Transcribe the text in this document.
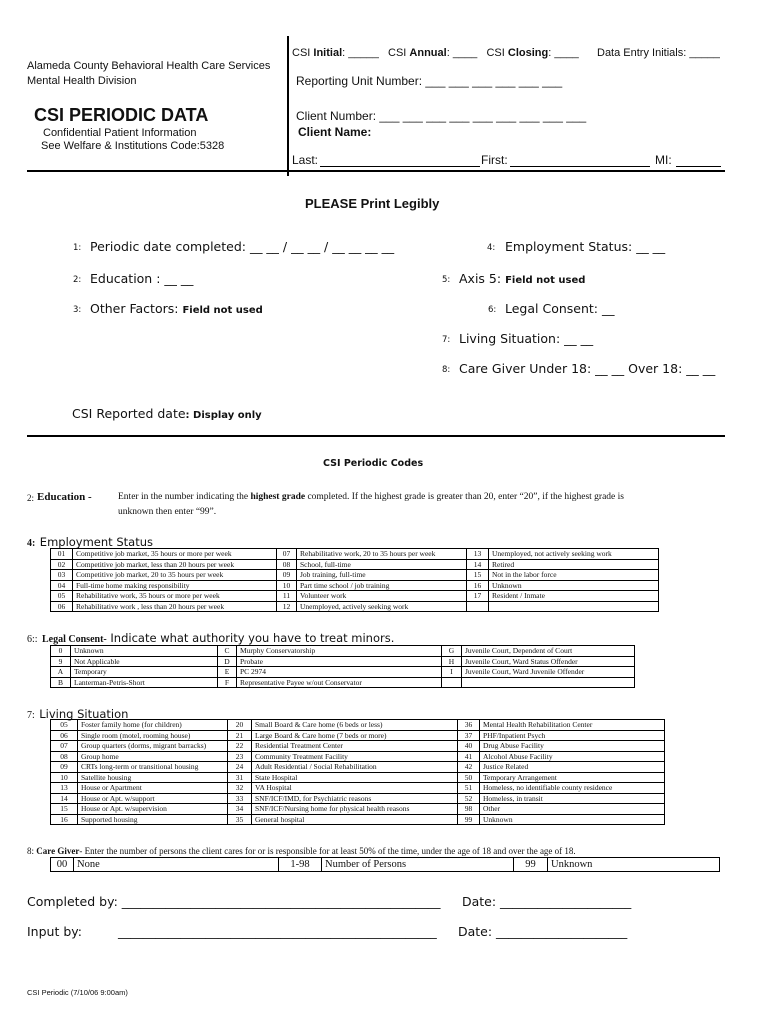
Alameda County Behavioral Health Care Services
Mental Health Division
CSI PERIODIC DATA
Confidential Patient Information
See Welfare & Institutions Code:5328
CSI Initial: _____ CSI Annual: ____ CSI Closing: ____ Data Entry Initials: _____
Reporting Unit Number: ___ ___ ___ ___ ___ ___
Client Number: ___ ___ ___ ___ ___ ___ ___ ___ ___
Client Name:
Last:	First:	MI:
PLEASE Print Legibly
1: Periodic date completed: __ __ / __ __ / __ __ __ __	4: Employment Status: __ __
2: Education : __ __	5: Axis 5: Field not used
3: Other Factors: Field not used	6: Legal Consent: __
7: Living Situation: __ __
8: Care Giver Under 18: __ __ Over 18: __ __
CSI Reported date: Display only
CSI Periodic Codes
2: Education -	Enter in the number indicating the highest grade completed. If the highest grade is greater than 20, enter “20”, if the highest grade is
unknown then enter “99”.
4: Employment Status
01	Competitive job market, 35 hours or more per week	07	Rehabilitative work, 20 to 35 hours per week	13	Unemployed, not actively seeking work
02	Competitive job market, less than 20 hours per week	08	School, full-time	14	Retired
03	Competitive job market, 20 to 35 hours per week	09	Job training, full-time	15	Not in the labor force
04	Full-time home making responsibility	10	Part time school / job training	16	Unknown
05	Rehabilitative work, 35 hours or more per week	11	Volunteer work	17	Resident / Inmate
06	Rehabilitative work , less than 20 hours per week	12	Unemployed, actively seeking work		
6:: Legal Consent- Indicate what authority you have to treat minors.
0	Unknown	C	Murphy Conservatorship	G	Juvenile Court, Dependent of Court
9	Not Applicable	D	Probate	H	Juvenile Court, Ward Status Offender
A	Temporary	E	PC 2974	I	Juvenile Court, Ward Juvenile Offender
B	Lanterman-Petris-Short	F	Representative Payee w/out Conservator		
7: Living Situation
05	Foster family home (for children)	20	Small Board & Care home (6 beds or less)	36	Mental Health Rehabilitation Center
06	Single room (motel, rooming house)	21	Large Board & Care home (7 beds or more)	37	PHF/Inpatient Psych
07	Group quarters (dorms, migrant barracks)	22	Residential Treatment Center	40	Drug Abuse Facility
08	Group home	23	Community Treatment Facility	41	Alcohol Abuse Facility
09	CRTs long-term or transitional housing	24	Adult Residential / Social Rehabilitation	42	Justice Related
10	Satellite housing	31	State Hospital	50	Temporary Arrangement
13	House or Apartment	32	VA Hospital	51	Homeless, no identifiable county residence
14	House or Apt. w/support	33	SNF/ICF/IMD, for Psychiatric reasons	52	Homeless, in transit
15	House or Apt. w/supervision	34	SNF/ICF/Nursing home for physical health reasons	98	Other
16	Supported housing	35	General hospital	99	Unknown
8: Care Giver- Enter the number of persons the client cares for or is responsible for at least 50% of the time, under the age of 18 and over the age of 18.
00	None	1-98	Number of Persons	99	Unknown
Completed by: ___________________________________________________ Date: _____________________
Input by:	___________________________________________________ Date: _____________________
CSI Periodic (7/10/06 9:00am)
